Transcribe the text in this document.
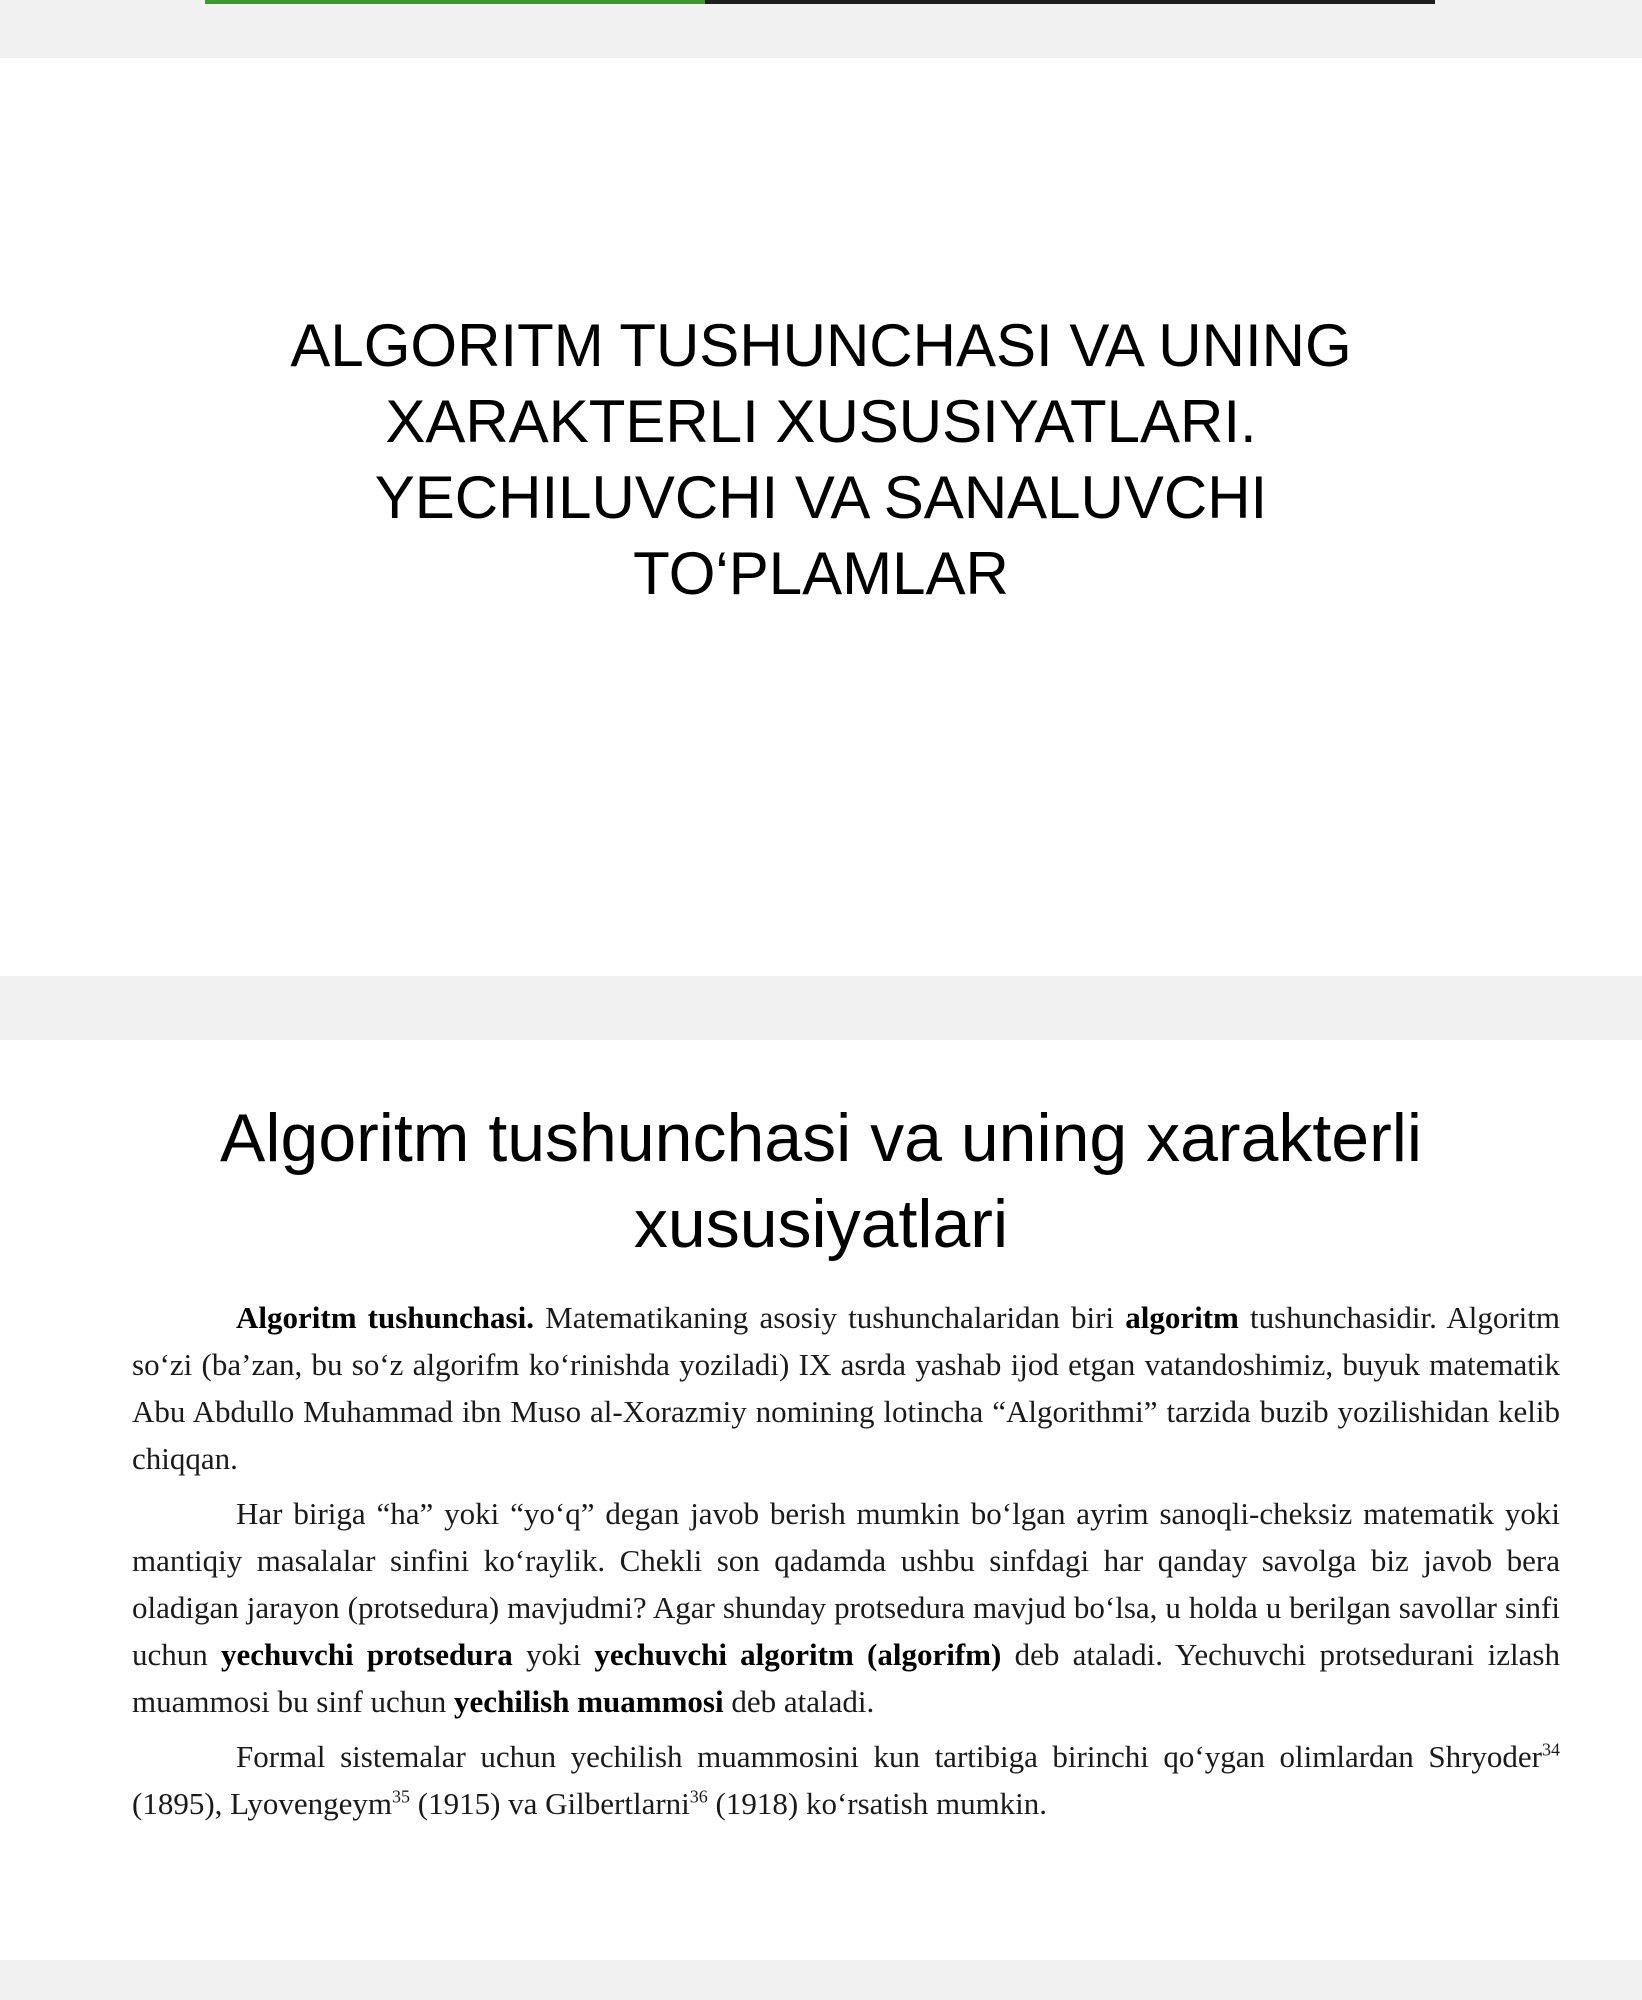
ALGORITM TUSHUNCHASI VA UNING
XARAKTERLI XUSUSIYATLARI.
YECHILUVCHI VA SANALUVCHI
TO‘PLAMLAR
Algoritm tushunchasi va uning xarakterli
xususiyatlari

Algoritm tushunchasi. Matematikaning asosiy tushunchalaridan biri algoritm tushunchasidir. Algoritm so‘zi (ba’zan, bu so‘z algorifm ko‘rinishda yoziladi) IX asrda yashab ijod etgan vatandoshimiz, buyuk matematik Abu Abdullo Muhammad ibn Muso al-Xorazmiy nomining lotincha “Algorithmi” tarzida buzib yozilishidan kelib chiqqan.

Har biriga “ha” yoki “yo‘q” degan javob berish mumkin bo‘lgan ayrim sanoqli-cheksiz matematik yoki mantiqiy masalalar sinfini ko‘raylik. Chekli son qadamda ushbu sinfdagi har qanday savolga biz javob bera oladigan jarayon (protsedura) mavjudmi? Agar shunday protsedura mavjud bo‘lsa, u holda u berilgan savollar sinfi uchun yechuvchi protsedura yoki yechuvchi algoritm (algorifm) deb ataladi. Yechuvchi protsedurani izlash muammosi bu sinf uchun yechilish muammosi deb ataladi.

Formal sistemalar uchun yechilish muammosini kun tartibiga birinchi qo‘ygan olimlardan Shryoder$^{34}$ (1895), Lyovengeym$^{35}$ (1915) va Gilbertlarni$^{36}$ (1918) ko‘rsatish mumkin.
